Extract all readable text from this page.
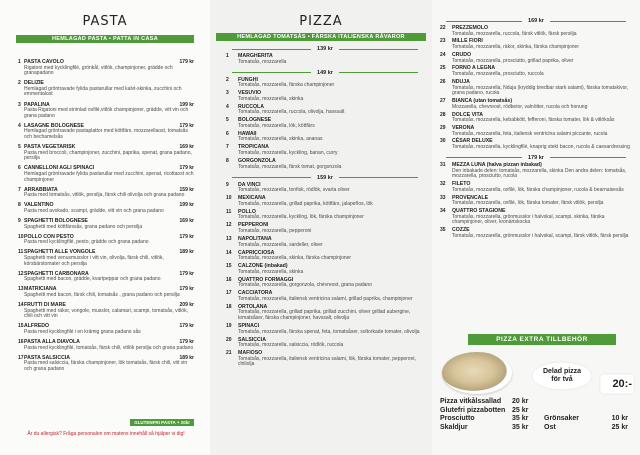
PASTA
HEMLAGAD PASTA • PATTA IN CASA
1 PASTA CAVOLO
Rigatoni med kycklingfilé, grönkål, vitlök, champinjoner, grädde och granapadano
179 kr
2 DELIZIE
Hemlagad gröntravade fylida pastarullar med kalvt-skinka, zucchini och emmentalost
3 PAPALINA
Pasta Rigatoni med strimlad oxfilé,vitlök champinjoner, grädde, vitt vin och grana padano
199 kr
4 LASAGNE BOLOGNESE
Hemlagad gröntravade pastaplattor med köttfärs, mozzarellaost, tomatsås och bechamelsås
179 kr
5 PASTA VEGETARISK
Pasta med broccoli, champinjoner, zucchini, paprika, spenat, grana padano, persilja
169 kr
6 CANNELLONI AGLI SPINACI
Hemlagad gröntravade fylida pastarullar med zucchini, spenat, ricottaost och champinjoner
179 kr
7 ARRABBIATA
Pasta med tomatsås, vitlök, persilja, färsk chili olivolja och grana padano
159 kr
8 VALENTINO
Pasta med avokado, scampi, grädde, vitt vin och grana padano
199 kr
9 SPAGHETTI BOLOGNESE
Spaghetti med köttfärssås, grana padano och persilja
169 kr
10 POLLO CON PESTO
Pasta med kycklingfilé, pesto, grädde och grana padano
179 kr
11 SPAGHETTI ALLE VONGOLE
Spaghetti med venusmusslor i vitt vin, olivolja, färsk chili, vitlök, körsbärstomater och persilja
189 kr
12 SPAGHETTI CARBONARA
Spaghetti med bacon, grädde, kvartpeppar och grana padano
179 kr
13 MATRICIANA
Spaghetti med bacon, färsk chili, tomatsås , grana padano och persilja
179 kr
14 FRUTTI DI MARE
Spaghetti med räkor, vongole, musslor, calamari, scampi, tomatsås, vitlök, chili och vitt vin
209 kr
15 ALFREDO
Pasta med kycklingfilé i en krämig grana padano sås
179 kr
16 PASTA ALLA DIAVOLA
Pasta med kycklingfilé, tomatsås, färsk chili, vitlök persilja och grana padano
179 kr
17 PASTA SALSICCIA
Pasta med salsiccia, färska champinjoner, lök tomatsås, färsk chili, vitt vin och grana padano
189 kr
GLUTENFRI PASTA + 20kr
Är du allergisk? Fråga personalen om matens innehåll så hjälper vi dig!
PIZZA
HEMLAGAD TOMATSÅS • FÄRSKA ITALIENSKA RÅVAROR
139 kr
1 MARGHERITA
Tomatsås, mozzarella
149 kr
2 FUNGHI
Tomatsås, mozzarella, färska champinjoner
3 VESUVIO
Tomatsås, mozzarella, skinka
4 RUCCOLA
Tomatsås, mozzarella, ruccola, olivolja, havssalt
5 BOLOGNESE
Tomatsås, mozzarella, lök, köttfärs
6 HAWAII
Tomatsås, mozzarella, skinka, ananas
7 TROPICANA
Tomatsås, mozzarella, kyckling, banan, curry
8 GORGONZOLA
Tomatsås, mozzarella, färsk tomat, gorgonzola
159 kr
9 DA VINCI
Tomatsås, mozzarella, tonfisk, rödlök, svarta oliver
10 MEXICANA
Tomatsås, mozzarella, grillad paprika, köttfärs, jalapeños, lök
11 POLLO
Tomatsås, mozzarella, kyckling, lök, färska champinjoner
12 PEPPERONI
Tomatsås, mozzarella, pepperoni
13 NAPOLITANA
Tomatsås, mozzarella, sardeller, oliver
14 CAPRICCIOSA
Tomatsås, mozzarella, skinka, färska champinjoner
15 CALZONE (inbakad)
Tomatsås, mozzarella, skinka
16 QUATTRO FORMAGGI
Tomatsås, mozzarella, gorgonzola, chèvreost, grana padano
17 CACCIATORA
Tomatsås, mozzarella, italiensk ventricina salami, grillad paprika, champinjoner
18 ORTOLANA
Tomatsås, mozzarella, grillad paprika, grillad zucchini, oliver grillad aubergine, tomatsåser, färska champinjoner, havssalt, olivolja
19 SPINACI
Tomatsås, mozzarella, färska spenat, feta, tomatsåser, soltorkade tomater, olivolja
20 SALSICCIA
Tomatsås, mozzarella, salsiccia, rödlök, ruccola
21 MAFIOSO
Tomatsås, mozzarella, italiensk ventricina salami, lök, färska tomater, pepperoni, chiliolja
169 kr
22 PREZZEMOLO
Tomatsås, mozzarella, ruccola, färsk vitlök, färsk persilja
23 MILLE FIORI
Tomatsås, mozzarella, räkor, skinka, färska champinjoner
24 CRUDO
Tomatsås, mozzarella, prosciutto, grillad paprika, oliver
25 FORNO A LEGNA
Tomatsås, mozzarella, prosciutto, ruccola
26 NDUJA
Tomatsås, mozzarella, Nduja (kryddig bredbar stark salami), färska tomatskivor, grana padano, rucola
27 BIANCA (utan tomatsås)
Mozzarella, chevreost, rödbetor, valnötter, rucola och honung
28 DOLCE VITA
Tomatsås, mozzarella, kebabkött, fefferoni, färska tomater, lök & vitlöksås
29 VERONA
Tomatsås, mozzarella, feta, italiensk ventricina salami piccante, rucola
30 CÉSAR DELUXE
Tomatsås, mozzarella, kycklingfilé, knaprig stekt bacon, rucola & caesardressing
179 kr
31 MEZZA LUNA (halva pizzan inbakad)
Den inbakade delen: tomatsås, mozzarella, skinka Den andra delen: tomatsås, mozzarella, prosciutto, rucola
32 FILETO
Tomatsås, mozzarella, oxfilé, lök, färska champinjoner, rucola & bearnaisesås
33 PROVENCALE
Tomatsås, mozzarella, oxfilé, lök, färska tomater, färsk vitlök, persilja
34 QUATTRO STAGIONE
Tomatsås, mozzarella, grönmusslor i halvskal, scampi, skinka, färska champinjoner, oliver, kronärtskocka
35 COZZE
Tomatsås, mozzarella, grönmusslor i halvskal, scampi, färsk vitlök, färsk persilja
PIZZA EXTRA TILLBEHÖR
Delad pizza för två	20:-
Pizza vitkålssallad 20 kr
Glutefri pizzabotten 25 kr
Prosciutto	35 kr Grönsaker	10 kr
Skaldjur	35 kr Ost	25 kr
